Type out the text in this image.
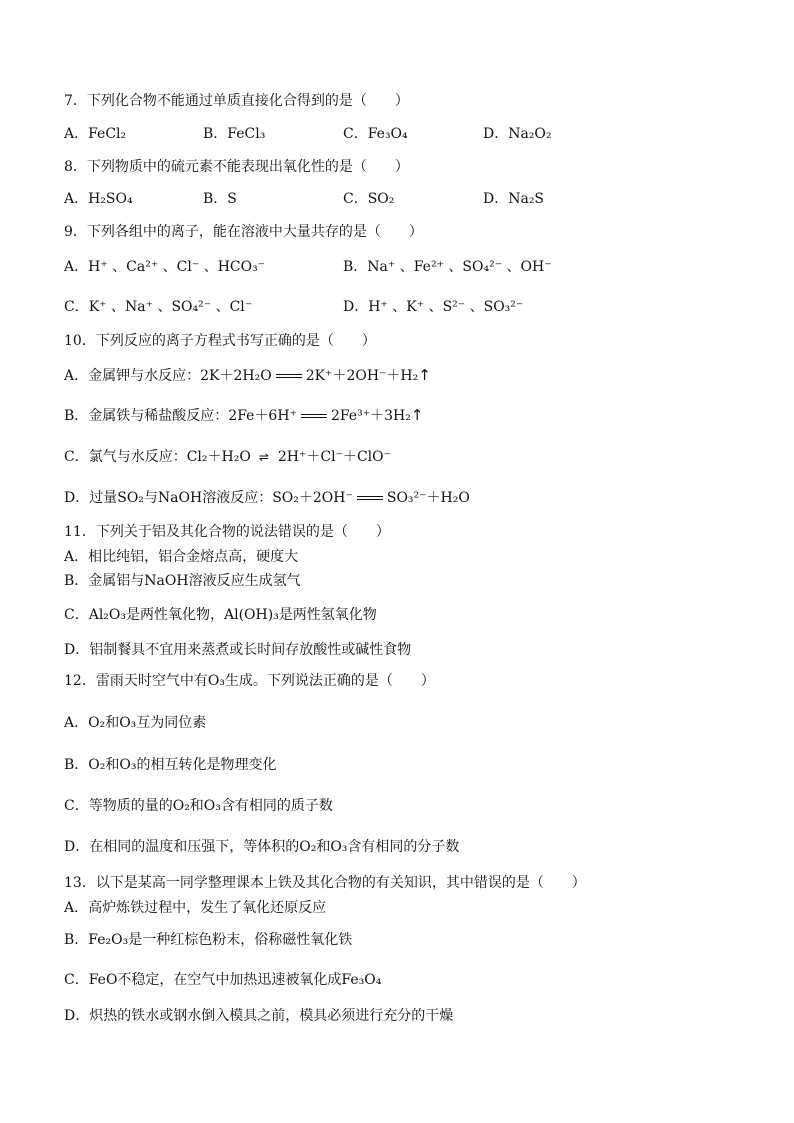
7．下列化合物不能通过单质直接化合得到的是（　　）
A．FeCl₂	B．FeCl₃	C．Fe₃O₄	D．Na₂O₂
8．下列物质中的硫元素不能表现出氧化性的是（　　）
A．H₂SO₄	B．S	C．SO₂	D．Na₂S
9．下列各组中的离子，能在溶液中大量共存的是（　　）
A．H⁺ 、Ca²⁺ 、Cl⁻ 、HCO₃⁻	B．Na⁺ 、Fe²⁺ 、SO₄²⁻ 、OH⁻
C．K⁺ 、Na⁺ 、SO₄²⁻ 、Cl⁻	D．H⁺ 、K⁺ 、S²⁻ 、SO₃²⁻
10．下列反应的离子方程式书写正确的是（　　）
A．金属钾与水反应：2K＋2H₂O 2K⁺＋2OH⁻＋H₂↑
B．金属铁与稀盐酸反应：2Fe＋6H⁺ 2Fe³⁺＋3H₂↑
C．氯气与水反应：Cl₂＋H₂O ⇌ 2H⁺＋Cl⁻＋ClO⁻
D．过量SO₂与NaOH溶液反应：SO₂＋2OH⁻ SO₃²⁻＋H₂O
11．下列关于铝及其化合物的说法错误的是（　　）
A．相比纯铝，铝合金熔点高，硬度大
B．金属铝与NaOH溶液反应生成氢气
C．Al₂O₃是两性氧化物，Al(OH)₃是两性氢氧化物
D．铝制餐具不宜用来蒸煮或长时间存放酸性或碱性食物
12．雷雨天时空气中有O₃生成。下列说法正确的是（　　）
A．O₂和O₃互为同位素
B．O₂和O₃的相互转化是物理变化
C．等物质的量的O₂和O₃含有相同的质子数
D．在相同的温度和压强下，等体积的O₂和O₃含有相同的分子数
13．以下是某高一同学整理课本上铁及其化合物的有关知识，其中错误的是（　　）
A．高炉炼铁过程中，发生了氧化还原反应
B．Fe₂O₃是一种红棕色粉末，俗称磁性氧化铁
C．FeO不稳定，在空气中加热迅速被氧化成Fe₃O₄
D．炽热的铁水或钢水倒入模具之前，模具必须进行充分的干燥
